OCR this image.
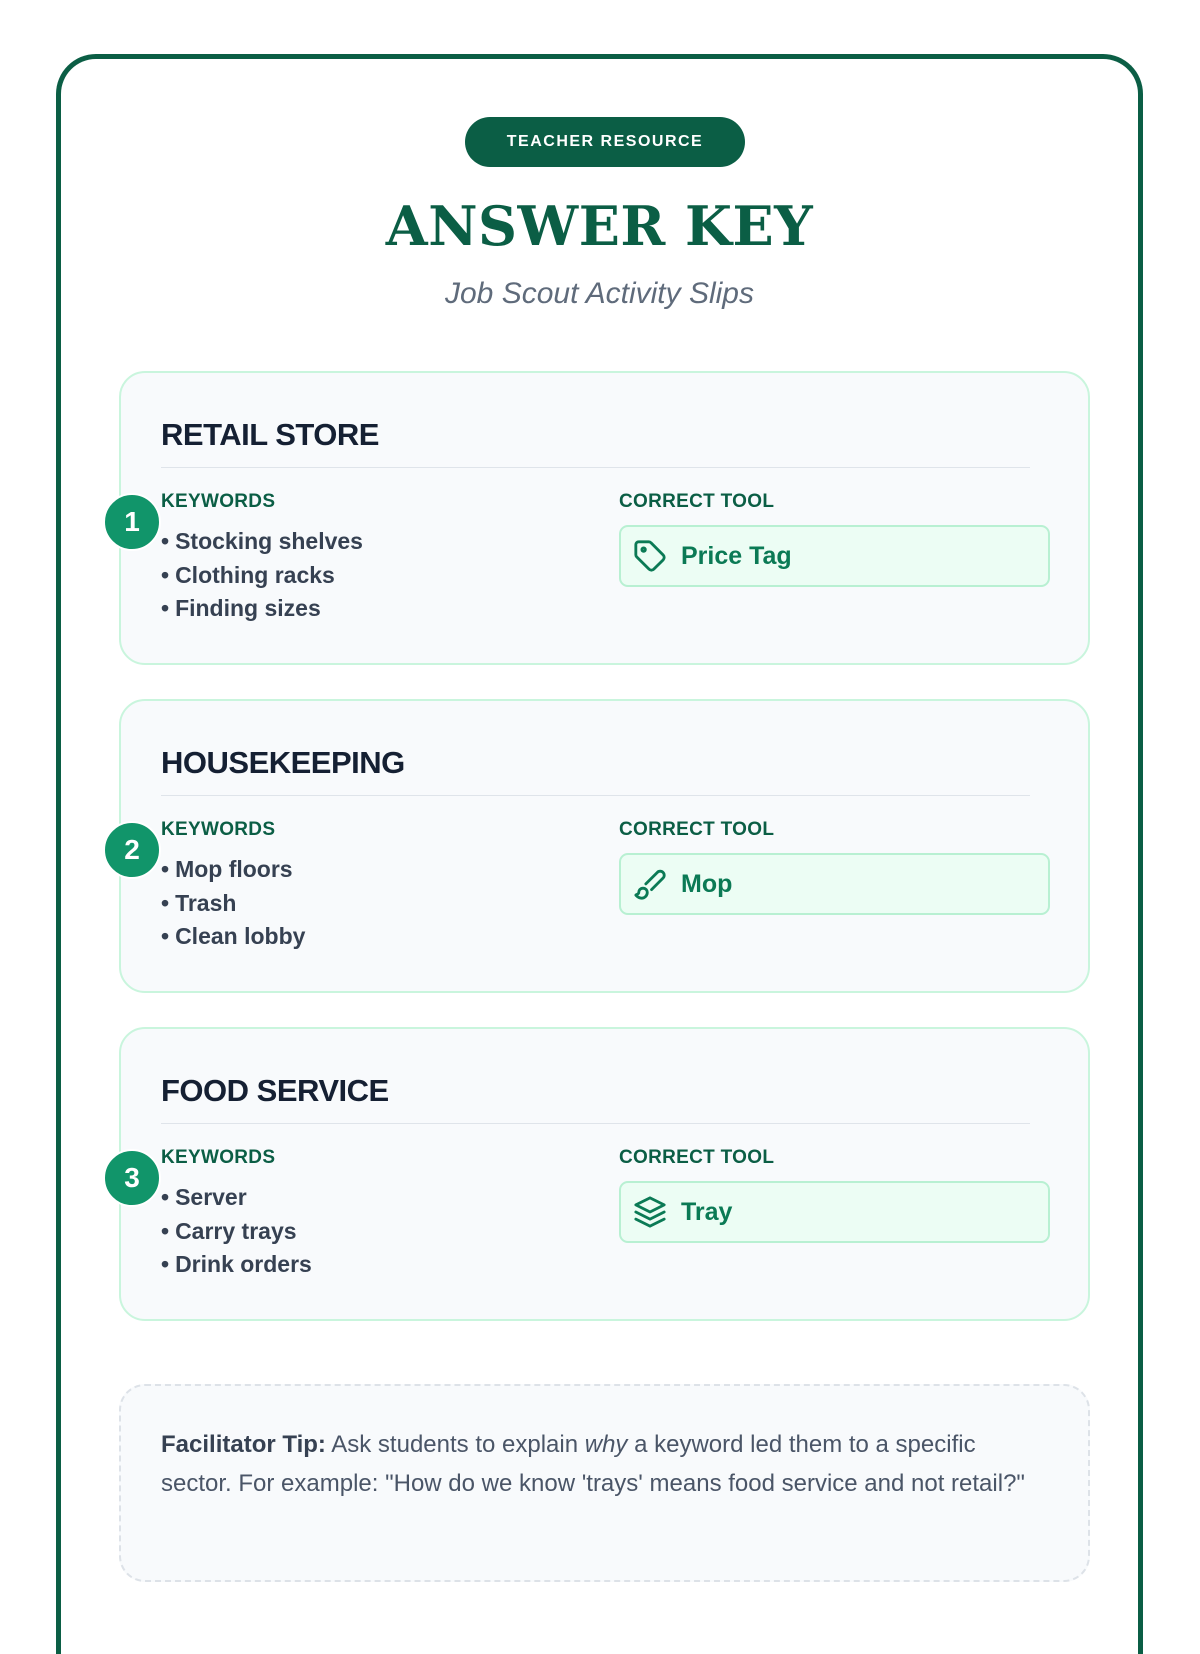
TEACHER RESOURCE
ANSWER KEY
Job Scout Activity Slips
1
RETAIL STORE
KEYWORDS
• Stocking shelves
• Clothing racks
• Finding sizes
CORRECT TOOL
Price Tag
2
HOUSEKEEPING
KEYWORDS
• Mop floors
• Trash
• Clean lobby
CORRECT TOOL
Mop
3
FOOD SERVICE
KEYWORDS
• Server
• Carry trays
• Drink orders
CORRECT TOOL
Tray
Facilitator Tip: Ask students to explain why a keyword led them to a specific sector. For example: "How do we know 'trays' means food service and not retail?"
